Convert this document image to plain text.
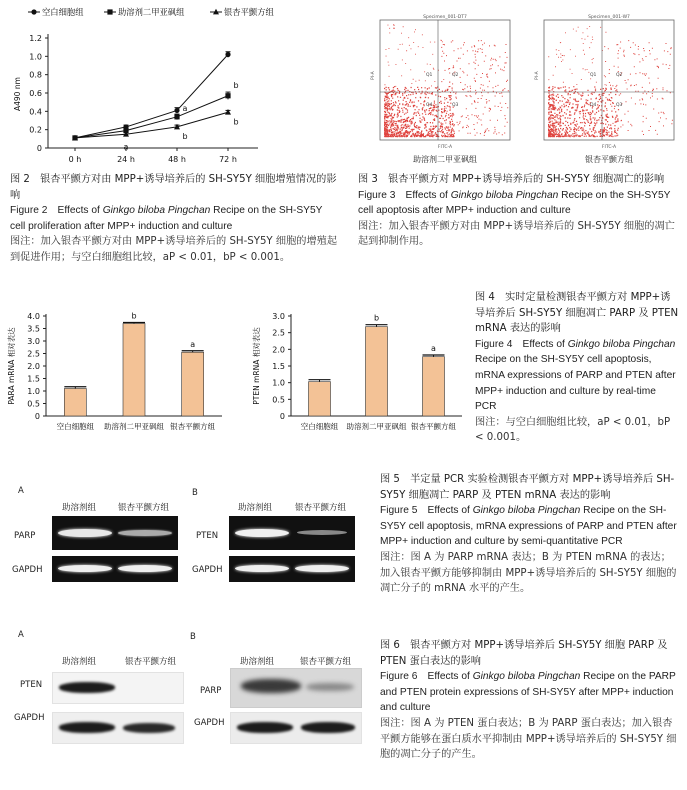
空白细胞组	助溶剂二甲亚砜组	银杏平颤方组
0
0.2
0.4
0.6
0.8
1.0
1.2
0 h	24 h	48 h	72 h
A490 nm	a
b
a
b
b

图 2　银杏平颤方对由 MPP+诱导培养后的 SH-SY5Y 细胞增殖情况的影响

Figure 2　Effects of Ginkgo biloba Pingchan Recipe on the SH-SY5Y cell proliferation after MPP+ induction and culture

图注：加入银杏平颤方对由 MPP+诱导培养后的 SH-SY5Y 细胞的增殖起到促进作用；与空白细胞组比较，aP < 0.01，bP < 0.001。

Specimen_001-DT7
PI-A
FITC-A
Q1	Q2
Q3
Q4
助溶剂二甲亚砜组
Specimen_001-W7
PI-A
FITC-A
Q1	Q2
Q3
Q4
银杏平颤方组

图 3　银杏平颤方对 MPP+诱导培养后的 SH-SY5Y 细胞凋亡的影响

Figure 3　Effects of Ginkgo biloba Pingchan Recipe on the SH-SY5Y cell apoptosis after MPP+ induction and culture

图注：加入银杏平颤方对由 MPP+诱导培养后的 SH-SY5Y 细胞的凋亡起到抑制作用。

0
0.5
1.0
1.5
2.0
2.5
3.0
3.5
4.0
PARA mRNA 相对表达
空白细胞组
b
助溶剂二甲亚砜组
a
银杏平颤方组
0
0.5
1.0
1.5
2.0
2.5
3.0
PTEN mRNA 相对表达
空白细胞组
b
助溶剂二甲亚砜组
a
银杏平颤方组

图 4　实时定量检测银杏平颤方对 MPP+诱导培养后 SH-SY5Y 细胞凋亡 PARP 及 PTEN mRNA 表达的影响

Figure 4　Effects of Ginkgo biloba Pingchan Recipe on the SH-SY5Y cell apoptosis, mRNA expressions of PARP and PTEN after MPP+ induction and culture by real-time PCR

图注：与空白细胞组比较，aP < 0.01，bP < 0.001。

A
助溶剂组	银杏平颤方组
PARP
GAPDH
B
助溶剂组	银杏平颤方组
PTEN
GAPDH

图 5　半定量 PCR 实验检测银杏平颤方对 MPP+诱导培养后 SH-SY5Y 细胞凋亡 PARP 及 PTEN mRNA 表达的影响

Figure 5　Effects of Ginkgo biloba Pingchan Recipe on the SH-SY5Y cell apoptosis, mRNA expressions of PARP and PTEN after MPP+ induction and culture by semi-quantitative PCR

图注：图 A 为 PARP mRNA 表达；B 为 PTEN mRNA 的表达；加入银杏平颤方能够抑制由 MPP+诱导培养后的 SH-SY5Y 细胞的凋亡分子的 mRNA 水平的产生。

A
助溶剂组	银杏平颤方组
PTEN
GAPDH
B
助溶剂组	银杏平颤方组
PARP
GAPDH

图 6　银杏平颤方对 MPP+诱导培养后 SH-SY5Y 细胞 PARP 及 PTEN 蛋白表达的影响

Figure 6　Effects of Ginkgo biloba Pingchan Recipe on the PARP and PTEN protein expressions of SH-SY5Y after MPP+ induction and culture

图注：图 A 为 PTEN 蛋白表达；B 为 PARP 蛋白表达；加入银杏平颤方能够在蛋白质水平抑制由 MPP+诱导培养后的 SH-SY5Y 细胞的凋亡分子的产生。
